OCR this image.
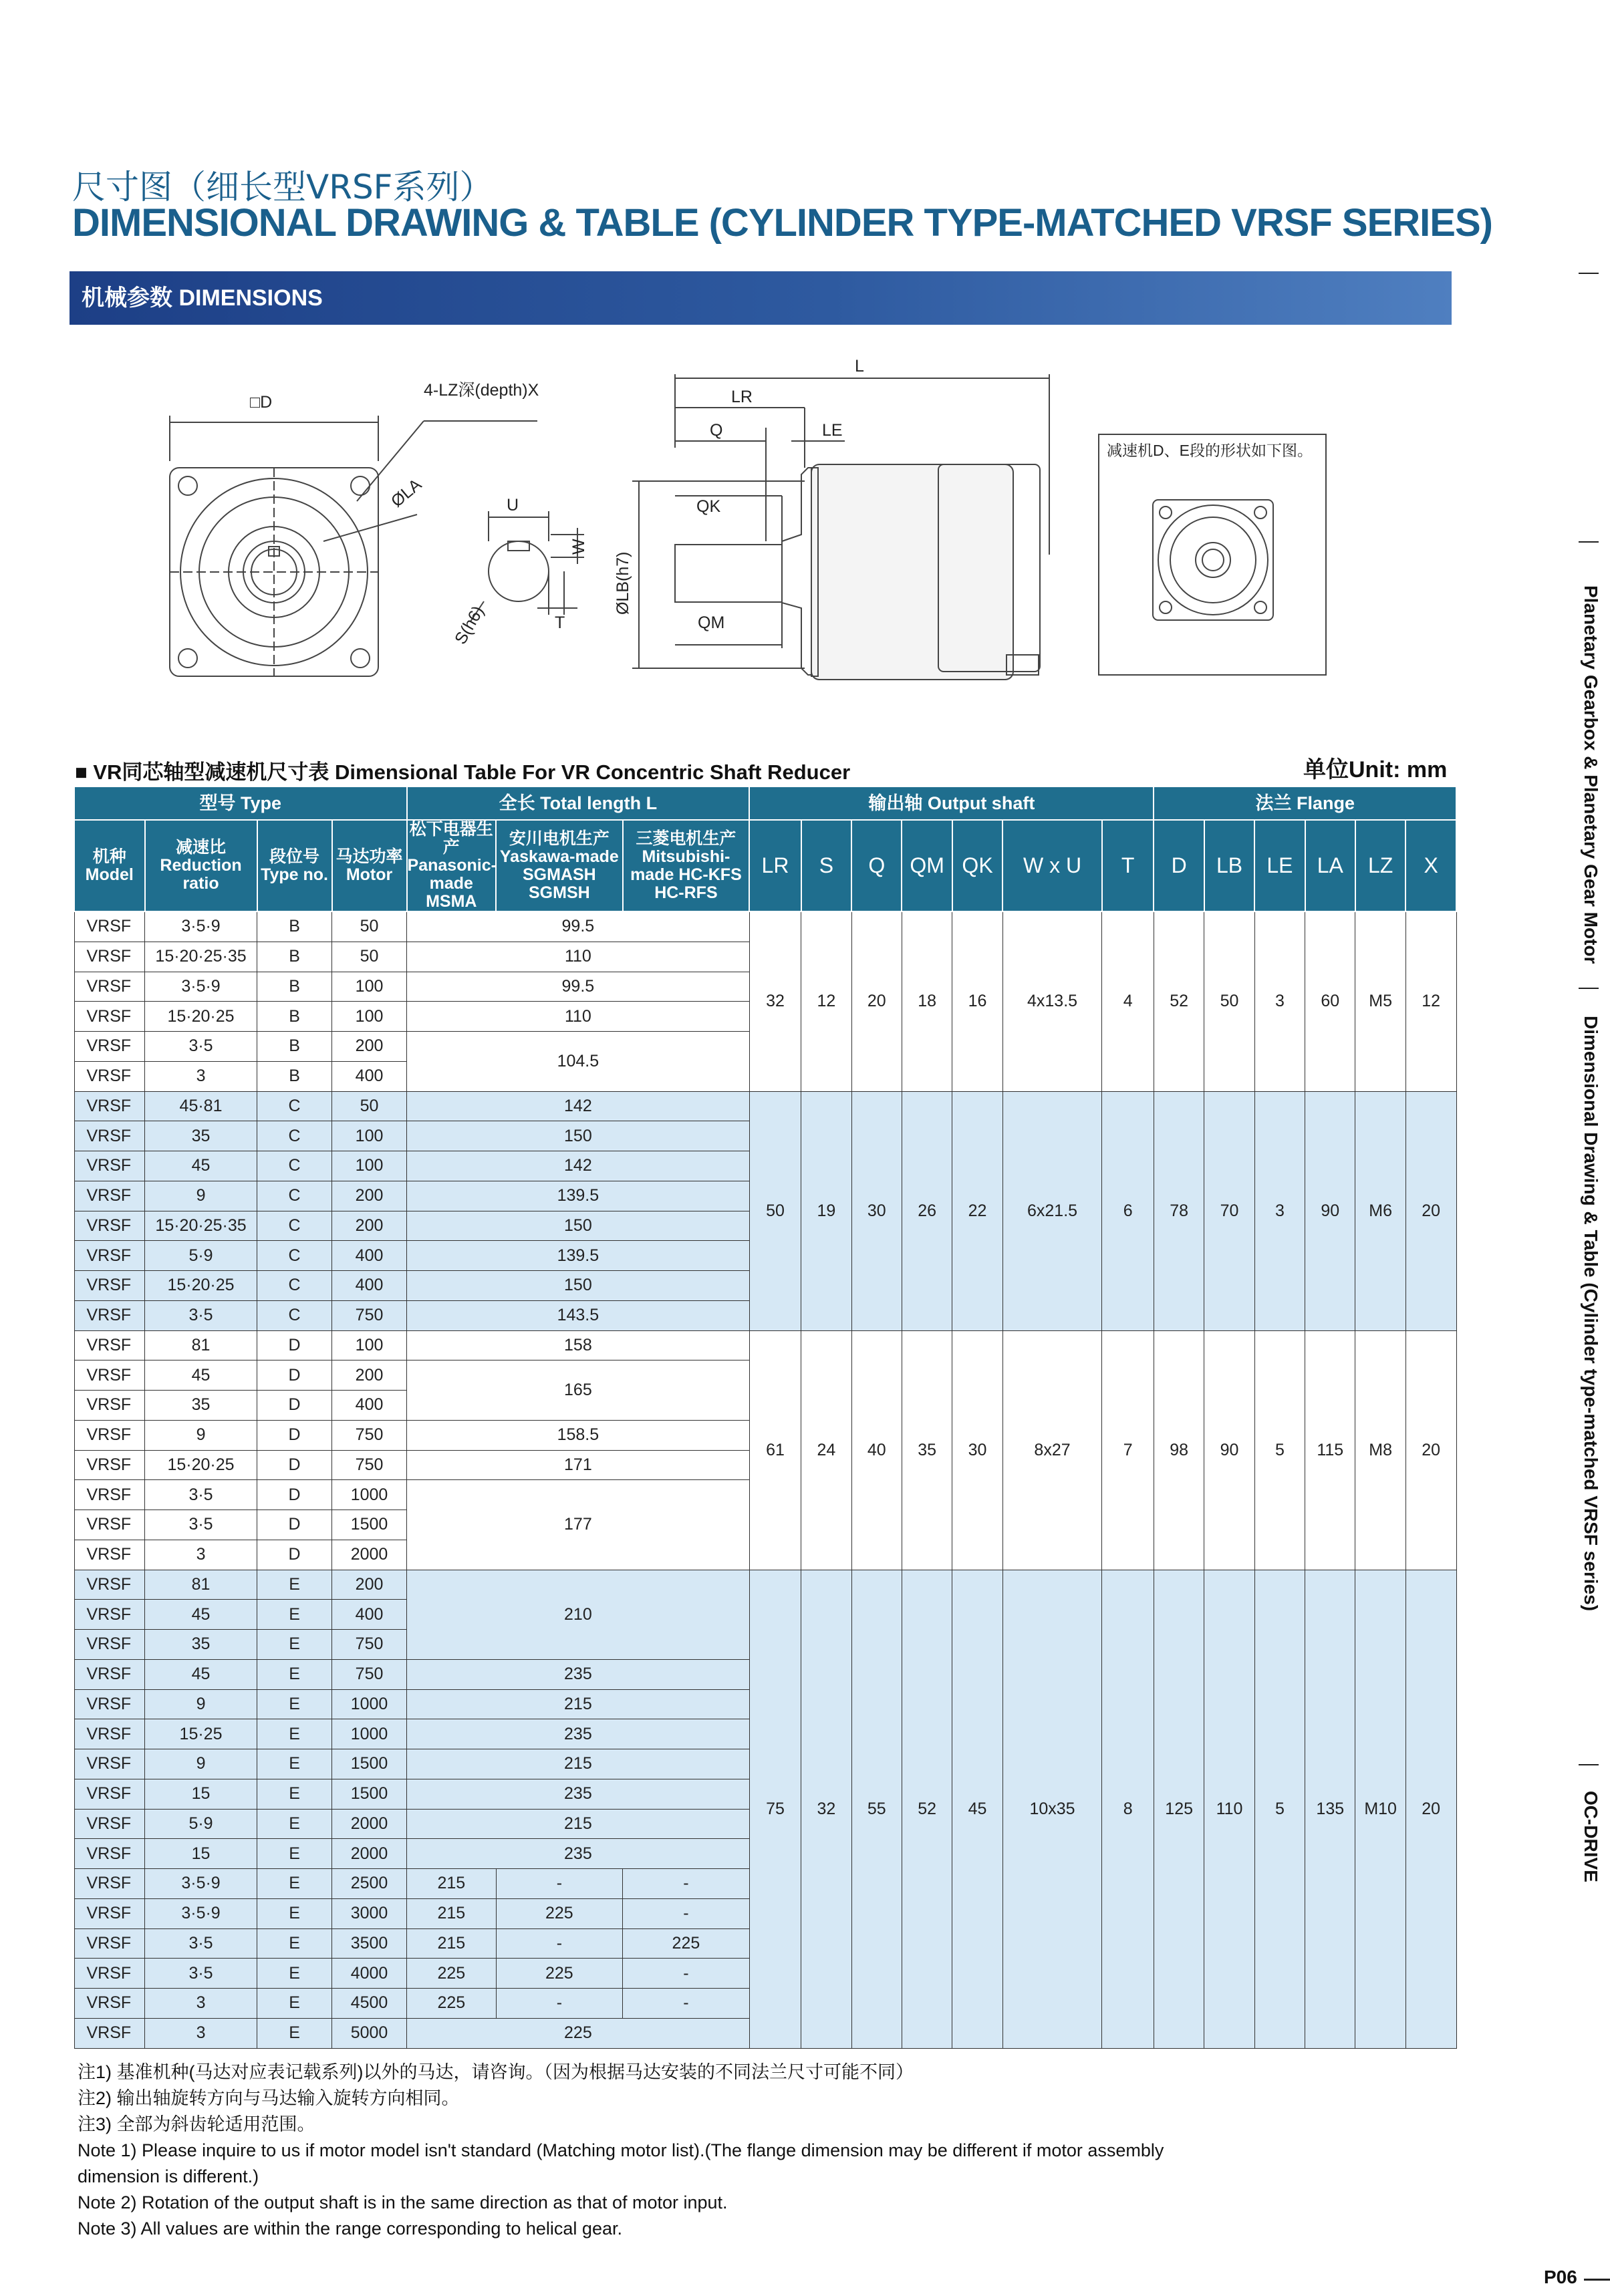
尺寸图（细长型VRSF系列）
DIMENSIONAL DRAWING & TABLE (CYLINDER TYPE-MATCHED VRSF SERIES)
机械参数 DIMENSIONS
□D
4-LZ深(depth)X
ØLA	U
W
S(h6)	T
L
LR
Q	LE
QK
ØLB(h7)
QM
减速机D、E段的形状如下图。
■ VR同芯轴型减速机尺寸表 Dimensional Table For VR Concentric Shaft Reducer	单位Unit: mm
型号 Type				全长 Total length L			输出轴 Output shaft							法兰 Flange					
机种 Model	减速比 Reduction ratio	段位号 Type no.	马达功率 Motor	松下电器生产 Panasonic-made MSMA	安川电机生产 Yaskawa-made SGMASH SGMSH	三菱电机生产 Mitsubishi-made HC-KFS HC-RFS	LR	S	Q	QM	QK	W x U	T	D	LB	LE	LA	LZ	X
VRSF	3·5·9	B	50	99.5			32	12	20	18	16	4x13.5	4	52	50	3	60	M5	12
VRSF	15·20·25·35	B	50	110															
VRSF	3·5·9	B	100	99.5															
VRSF	15·20·25	B	100	110															
VRSF	3·5	B	200	104.5															
VRSF	3	B	400																
VRSF	45·81	C	50	142			50	19	30	26	22	6x21.5	6	78	70	3	90	M6	20
VRSF	35	C	100	150															
VRSF	45	C	100	142															
VRSF	9	C	200	139.5															
VRSF	15·20·25·35	C	200	150															
VRSF	5·9	C	400	139.5															
VRSF	15·20·25	C	400	150															
VRSF	3·5	C	750	143.5															
VRSF	81	D	100	158			61	24	40	35	30	8x27	7	98	90	5	115	M8	20
VRSF	45	D	200	165															
VRSF	35	D	400																
VRSF	9	D	750	158.5															
VRSF	15·20·25	D	750	171															
VRSF	3·5	D	1000	177															
VRSF	3·5	D	1500																
VRSF	3	D	2000																
VRSF	81	E	200	210			75	32	55	52	45	10x35	8	125	110	5	135	M10	20
VRSF	45	E	400																
VRSF	35	E	750																
VRSF	45	E	750	235															
VRSF	9	E	1000	215															
VRSF	15·25	E	1000	235															
VRSF	9	E	1500	215															
VRSF	15	E	1500	235															
VRSF	5·9	E	2000	215															
VRSF	15	E	2000	235															
VRSF	3·5·9	E	2500	215	-	-													
VRSF	3·5·9	E	3000	215	225	-													
VRSF	3·5	E	3500	215	-	225													
VRSF	3·5	E	4000	225	225	-													
VRSF	3	E	4500	225	-	-													
VRSF	3	E	5000	225															
注1) 基准机种(马达对应表记载系列)以外的马达，请咨询。（因为根据马达安装的不同法兰尺寸可能不同）
注2) 输出轴旋转方向与马达输入旋转方向相同。
注3) 全部为斜齿轮适用范围。
Note 1) Please inquire to us if motor model isn't standard (Matching motor list).(The flange dimension may be different if motor assembly
dimension is different.)
Note 2) Rotation of the output shaft is in the same direction as that of motor input.
Note 3) All values are within the range corresponding to helical gear.
Planetary Gearbox & Planetary Gear Motor
Dimensional Drawing & Table (Cylinder type-matched VRSF series)
OC-DRIVE
P06
